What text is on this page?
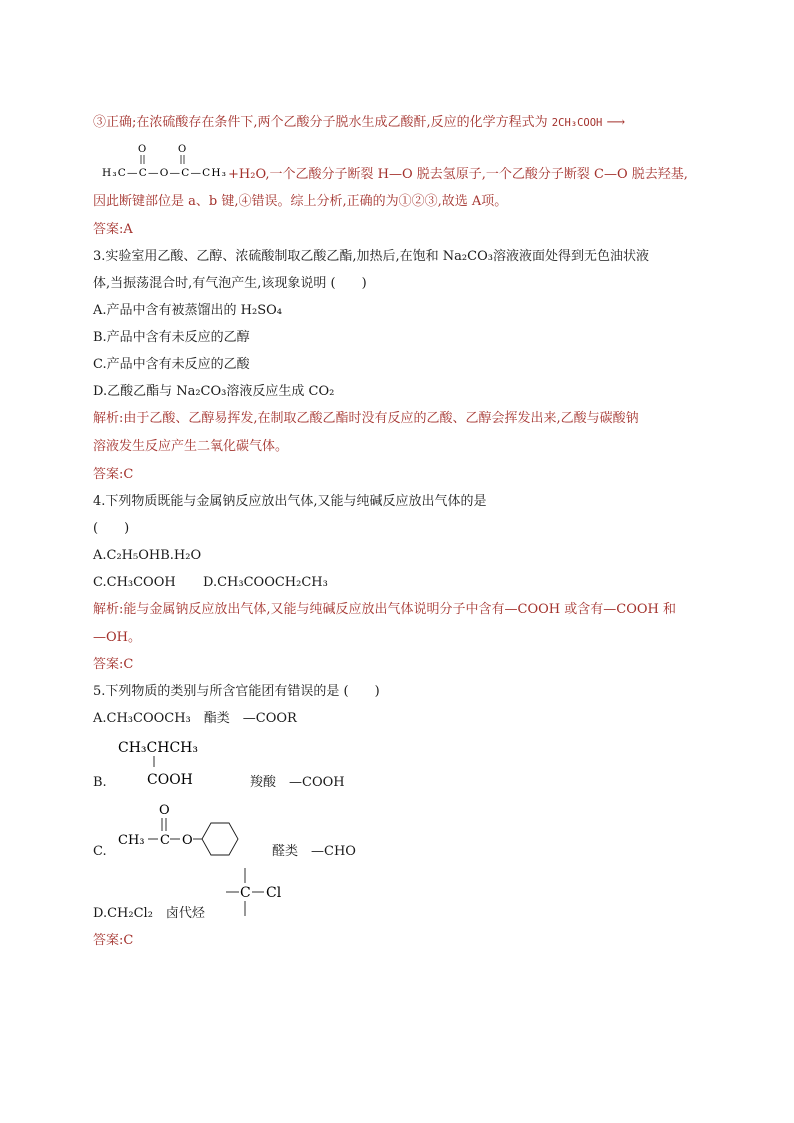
③正确;在浓硫酸存在条件下,两个乙酸分子脱水生成乙酸酐,反应的化学方程式为 2CH₃COOH ⟶
O	O
H₃C—C—O—C—CH₃ +H₂O,一个乙酸分子断裂 H—O 脱去氢原子,一个乙酸分子断裂 C—O 脱去羟基,
因此断键部位是 a、b 键,④错误。综上分析,正确的为①②③,故选 A项。
答案:A
3.实验室用乙酸、乙醇、浓硫酸制取乙酸乙酯,加热后,在饱和 Na₂CO₃溶液液面处得到无色油状液
体,当振荡混合时,有气泡产生,该现象说明 (　　)
A.产品中含有被蒸馏出的 H₂SO₄
B.产品中含有未反应的乙醇
C.产品中含有未反应的乙酸
D.乙酸乙酯与 Na₂CO₃溶液反应生成 CO₂
解析:由于乙酸、乙醇易挥发,在制取乙酸乙酯时没有反应的乙酸、乙醇会挥发出来,乙酸与碳酸钠
溶液发生反应产生二氧化碳气体。
答案:C
4.下列物质既能与金属钠反应放出气体,又能与纯碱反应放出气体的是
(　　)
A.C₂H₅OHB.H₂O
C.CH₃COOH D.CH₃COOCH₂CH₃
解析:能与金属钠反应放出气体,又能与纯碱反应放出气体说明分子中含有—COOH 或含有—COOH 和
—OH。
答案:C
5.下列物质的类别与所含官能团有错误的是 (　　)
A.CH₃COOCH₃　酯类　—COOR
CH₃CHCH₃
COOH
B.	羧酸　—COOH
O
CH₃ C O
C.	醛类　—CHO
C Cl
D.CH₂Cl₂　卤代烃
答案:C
